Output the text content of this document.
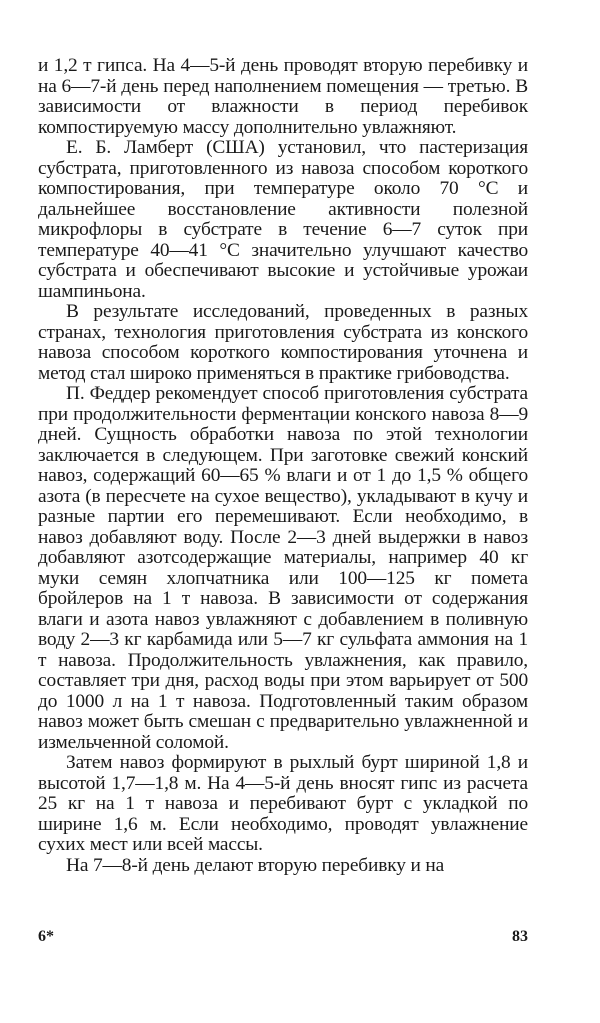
и 1,2 т гипса. На 4—5-й день проводят вторую перебивку и на 6—7-й день перед наполнением помещения — третью. В зависимости от влажности в период перебивок компостируемую массу дополнительно увлажняют.

Е. Б. Ламберт (США) установил, что пастеризация субстрата, приготовленного из навоза способом короткого компостирования, при температуре около 70 °С и дальнейшее восстановление активности полезной микрофлоры в субстрате в течение 6—7 суток при температуре 40—41 °С значительно улучшают качество субстрата и обеспечивают высокие и устойчивые урожаи шампиньона.

В результате исследований, проведенных в разных странах, технология приготовления субстрата из конского навоза способом короткого компостирования уточнена и метод стал широко применяться в практике грибоводства.

П. Феддер рекомендует способ приготовления субстрата при продолжительности ферментации конского навоза 8—9 дней. Сущность обработки навоза по этой технологии заключается в следующем. При заготовке свежий конский навоз, содержащий 60—65 % влаги и от 1 до 1,5 % общего азота (в пересчете на сухое вещество), укладывают в кучу и разные партии его перемешивают. Если необходимо, в навоз добавляют воду. После 2—3 дней выдержки в навоз добавляют азотсодержащие материалы, например 40 кг муки семян хлопчатника или 100—125 кг помета бройлеров на 1 т навоза. В зависимости от содержания влаги и азота навоз увлажняют с добавлением в поливную воду 2—3 кг карбамида или 5—7 кг сульфата аммония на 1 т навоза. Продолжительность увлажнения, как правило, составляет три дня, расход воды при этом варьирует от 500 до 1000 л на 1 т навоза. Подготовленный таким образом навоз может быть смешан с предварительно увлажненной и измельченной соломой.

Затем навоз формируют в рыхлый бурт шириной 1,8 и высотой 1,7—1,8 м. На 4—5-й день вносят гипс из расчета 25 кг на 1 т навоза и перебивают бурт с укладкой по ширине 1,6 м. Если необходимо, проводят увлажнение сухих мест или всей массы.

На 7—8-й день делают вторую перебивку и на

6*	83
